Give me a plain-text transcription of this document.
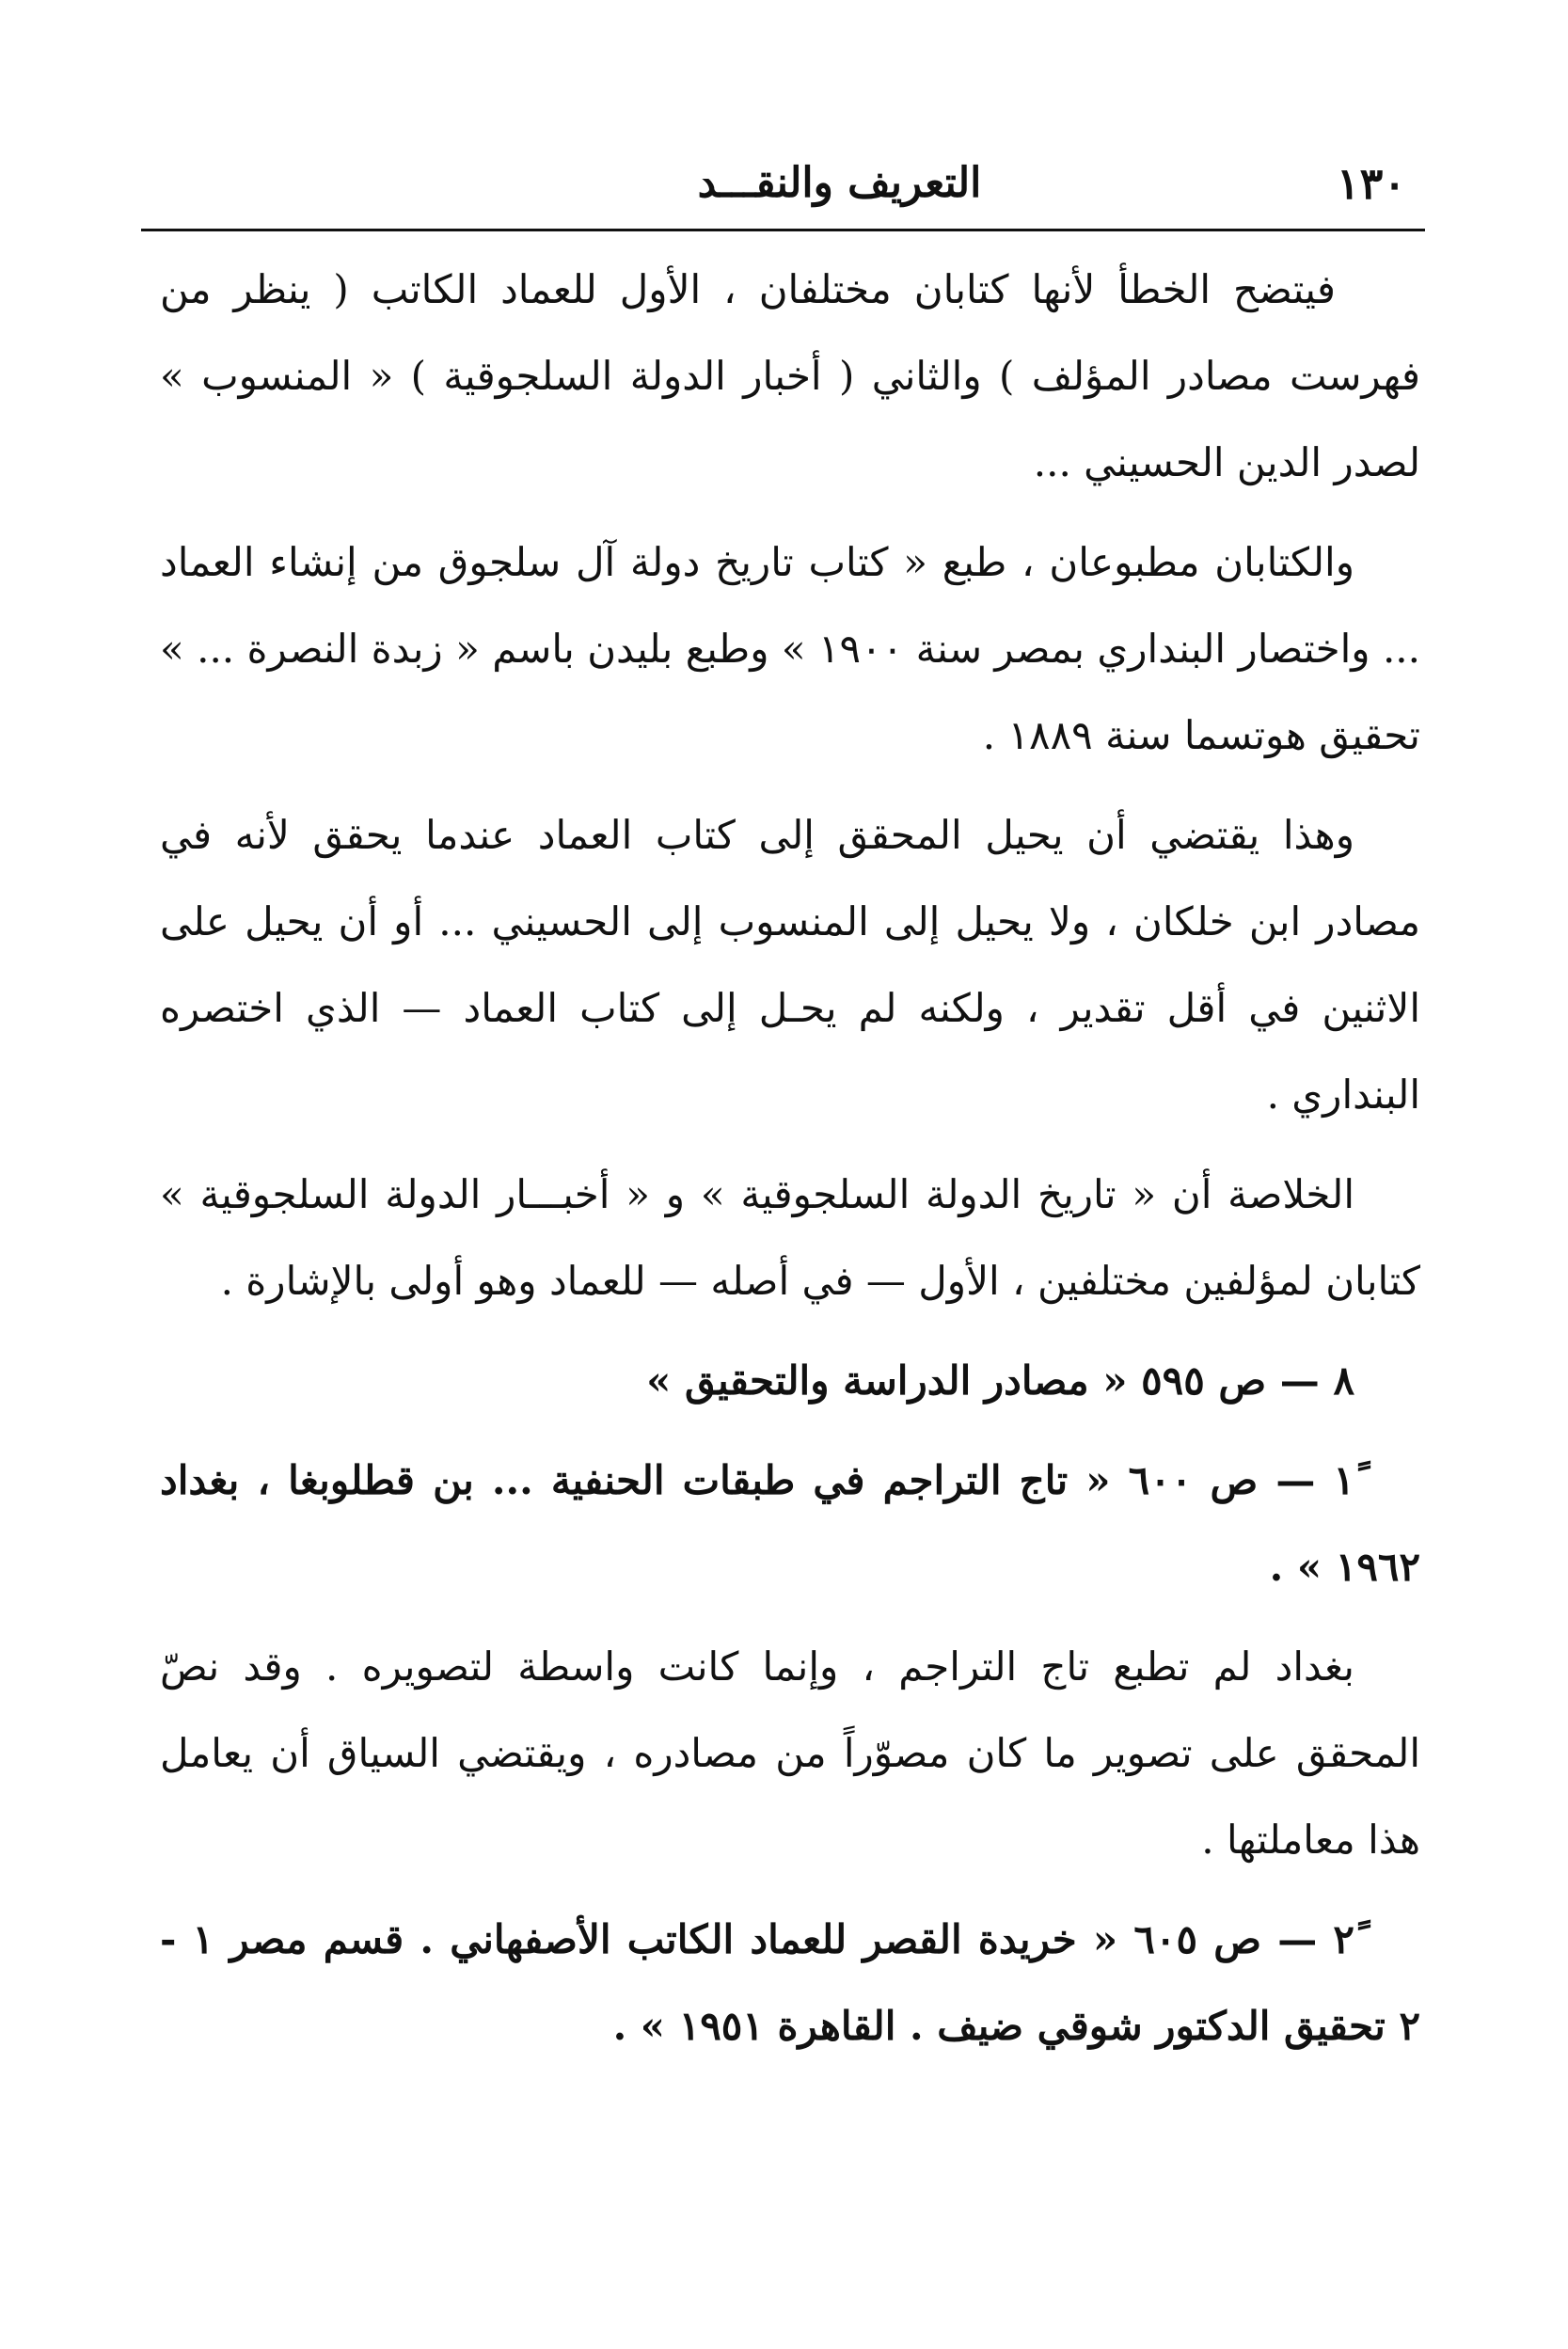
١٣٠
التعريف والنقـــد

فيتضح الخطأ لأنها كتابان مختلفان ، الأول للعماد الكاتب ( ينظر من فهرست مصادر المؤلف ) والثاني ( أخبار الدولة السلجوقية ) « المنسوب » لصدر الدين الحسيني ...

والكتابان مطبوعان ، طبع « كتاب تاريخ دولة آل سلجوق من إنشاء العماد ... واختصار البنداري بمصر سنة ١٩٠٠ » وطبع بليدن باسم « زبدة النصرة ... » تحقيق هوتسما سنة ١٨٨٩ .

وهذا يقتضي أن يحيل المحقق إلى كتاب العماد عندما يحقق لأنه في مصادر ابن خلكان ، ولا يحيل إلى المنسوب إلى الحسيني ... أو أن يحيل على الاثنين في أقل تقدير ، ولكنه لم يحـل إلى كتاب العماد — الذي اختصره البنداري .

الخلاصة أن « تاريخ الدولة السلجوقية » و « أخبـــار الدولة السلجوقية » كتابان لمؤلفين مختلفين ، الأول — في أصله — للعماد وهو أولى بالإشارة .

٨ — ص ٥٩٥ « مصادر الدراسة والتحقيق »

١ً — ص ٦٠٠ « تاج التراجم في طبقات الحنفية ... بن قطلوبغا ، بغداد ١٩٦٢ » .

بغداد لم تطبع تاج التراجم ، وإنما كانت واسطة لتصويره . وقد نصّ المحقق على تصوير ما كان مصوّراً من مصادره ، ويقتضي السياق أن يعامل هذا معاملتها .

٢ً — ص ٦٠٥ « خريدة القصر للعماد الكاتب الأصفهاني . قسم مصر ١ - ٢ تحقيق الدكتور شوقي ضيف . القاهرة ١٩٥١ » .
